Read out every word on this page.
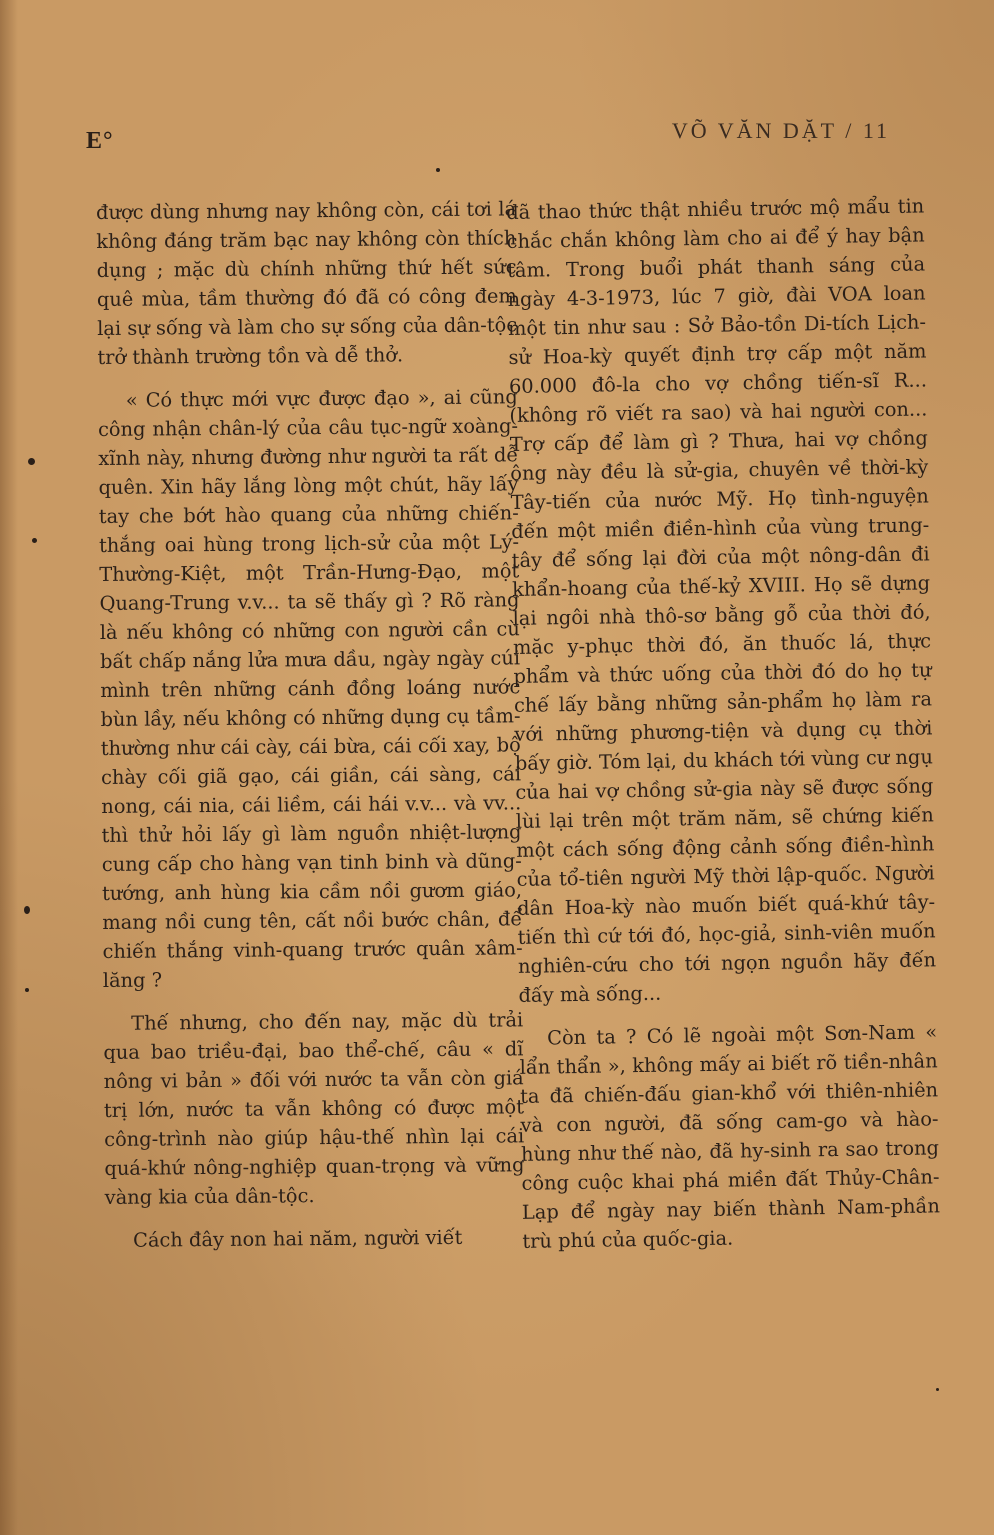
E°	VÕ VĂN DẶT / 11

được dùng nhưng nay không còn, cái tơi lá không đáng trăm bạc nay không còn thích dụng ; mặc dù chính những thứ hết sức quê mùa, tầm thường đó đã có công đem lại sự sống và làm cho sự sống của dân-tộc trở thành trường tồn và dễ thở.

« Có thực mới vực được đạo », ai cũng công nhận chân-lý của câu tục-ngữ xoàng-xĩnh này, nhưng đường như người ta rất dễ quên. Xin hãy lắng lòng một chút, hãy lấy tay che bớt hào quang của những chiến-thắng oai hùng trong lịch-sử của một Lý-Thường-Kiệt, một Trần-Hưng-Đạo, một Quang-Trung v.v... ta sẽ thấy gì ? Rõ ràng là nếu không có những con người cần cù bất chấp nắng lửa mưa dầu, ngày ngày cúi mình trên những cánh đồng loáng nước bùn lầy, nếu không có những dụng cụ tầm-thường như cái cày, cái bừa, cái cối xay, bộ chày cối giã gạo, cái giần, cái sàng, cái nong, cái nia, cái liềm, cái hái v.v... và vv... thì thử hỏi lấy gì làm nguồn nhiệt-lượng cung cấp cho hàng vạn tinh binh và dũng-tướng, anh hùng kia cầm nồi gươm giáo, mang nồi cung tên, cất nồi bước chân, để chiến thắng vinh-quang trước quân xâm-lăng ?

Thế nhưng, cho đến nay, mặc dù trải qua bao triều-đại, bao thể-chế, câu « dĩ nông vi bản » đối với nước ta vẫn còn giá trị lớn, nước ta vẫn không có được một công-trình nào giúp hậu-thế nhìn lại cái quá-khứ nông-nghiệp quan-trọng và vững vàng kia của dân-tộc.

Cách đây non hai năm, người viết

đã thao thức thật nhiều trước mộ mẩu tin chắc chắn không làm cho ai để ý hay bận tâm. Trong buổi phát thanh sáng của ngày 4-3-1973, lúc 7 giờ, đài VOA loan một tin như sau : Sở Bảo-tồn Di-tích Lịch-sử Hoa-kỳ quyết định trợ cấp một năm 60.000 đô-la cho vợ chồng tiến-sĩ R... (không rõ viết ra sao) và hai người con... Trợ cấp để làm gì ? Thưa, hai vợ chồng ông này đều là sử-gia, chuyên về thời-kỳ Tây-tiến của nước Mỹ. Họ tình-nguyện đến một miền điền-hình của vùng trung-tây để sống lại đời của một nông-dân đi khẩn-hoang của thế-kỷ XVIII. Họ sẽ dựng lại ngôi nhà thô-sơ bằng gỗ của thời đó, mặc y-phục thời đó, ăn thuốc lá, thực phẩm và thức uống của thời đó do họ tự chế lấy bằng những sản-phẩm họ làm ra với những phương-tiện và dụng cụ thời bấy giờ. Tóm lại, du khách tới vùng cư ngụ của hai vợ chồng sử-gia này sẽ được sống lùi lại trên một trăm năm, sẽ chứng kiến một cách sống động cảnh sống điền-hình của tổ-tiên người Mỹ thời lập-quốc. Người dân Hoa-kỳ nào muốn biết quá-khứ tây-tiến thì cứ tới đó, học-giả, sinh-viên muốn nghiên-cứu cho tới ngọn nguồn hãy đến đấy mà sống...

Còn ta ? Có lẽ ngoài một Sơn-Nam « lẩn thẩn », không mấy ai biết rõ tiền-nhân ta đã chiến-đấu gian-khổ với thiên-nhiên và con người, đã sống cam-go và hào-hùng như thế nào, đã hy-sinh ra sao trong công cuộc khai phá miền đất Thủy-Chân-Lạp để ngày nay biến thành Nam-phần trù phú của quốc-gia.
